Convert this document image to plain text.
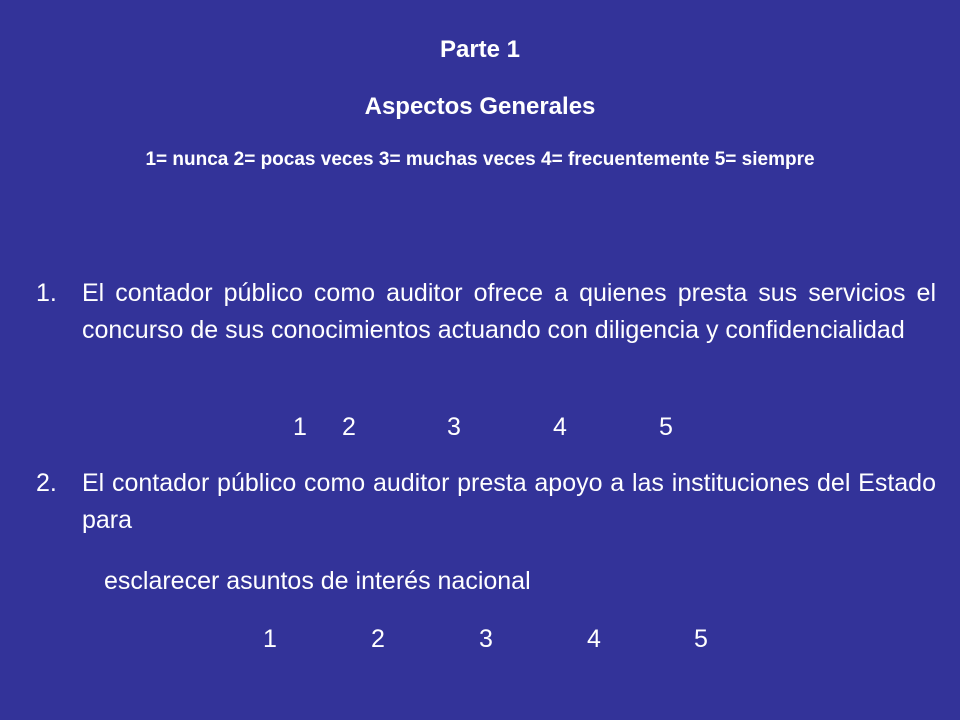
Parte 1
Aspectos Generales

1= nunca 2= pocas veces 3= muchas veces 4= frecuentemente 5= siempre

1. El contador público como auditor ofrece a quienes presta sus servicios el concurso de sus conocimientos actuando con diligencia y confidencialidad
1 2	3	4	5
2. El contador público como auditor presta apoyo a las instituciones del Estado para
esclarecer asuntos de interés nacional
1	2	3	4	5
